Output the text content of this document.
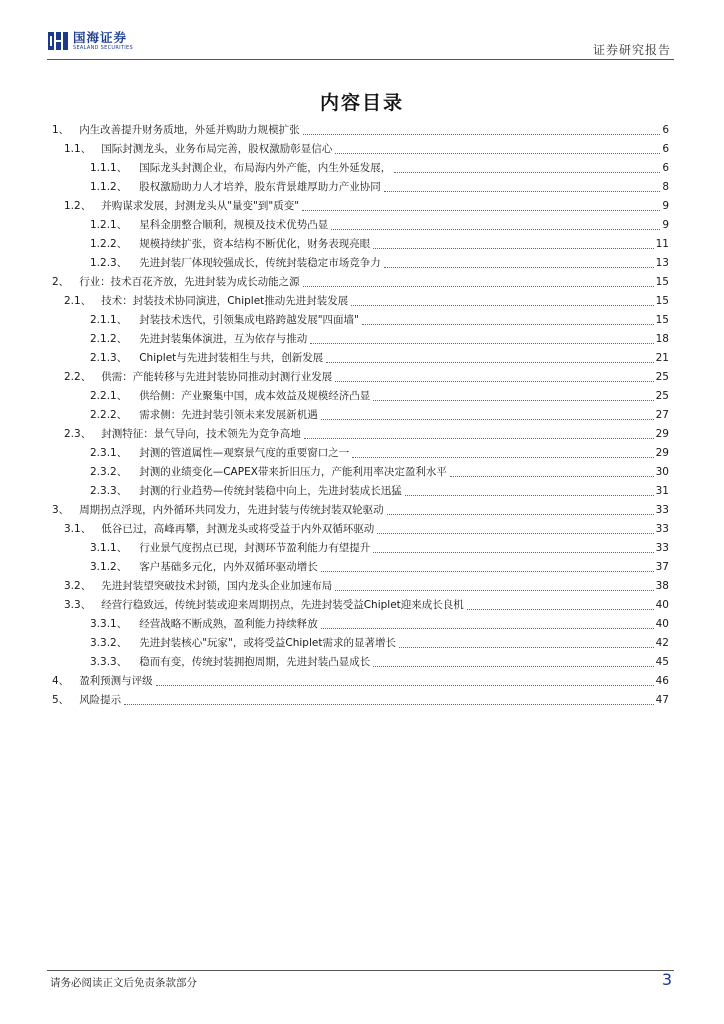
国海证券
SEALAND SECURITIES	证券研究报告
内容目录
1、 内生改善提升财务质地，外延并购助力规模扩张	6
1.1、 国际封测龙头，业务布局完善，股权激励彰显信心	6
1.1.1、 国际龙头封测企业，布局海内外产能，内生外延发展，	6
1.1.2、 股权激励助力人才培养，股东背景雄厚助力产业协同	8
1.2、 并购谋求发展，封测龙头从"量变"到"质变"	9
1.2.1、 星科金朋整合顺利，规模及技术优势凸显	9
1.2.2、 规模持续扩张，资本结构不断优化，财务表现亮眼	11
1.2.3、 先进封装厂体现较强成长，传统封装稳定市场竞争力	13
2、 行业：技术百花齐放，先进封装为成长动能之源	15
2.1、 技术：封装技术协同演进，Chiplet推动先进封装发展	15
2.1.1、 封装技术迭代，引领集成电路跨越发展"四面墙"	15
2.1.2、 先进封装集体演进，互为依存与推动	18
2.1.3、 Chiplet与先进封装相生与共，创新发展	21
2.2、 供需：产能转移与先进封装协同推动封测行业发展	25
2.2.1、 供给侧：产业聚集中国，成本效益及规模经济凸显	25
2.2.2、 需求侧：先进封装引领未来发展新机遇	27
2.3、 封测特征：景气导向，技术领先为竞争高地	29
2.3.1、 封测的管道属性—观察景气度的重要窗口之一	29
2.3.2、 封测的业绩变化—CAPEX带来折旧压力，产能利用率决定盈利水平	30
2.3.3、 封测的行业趋势—传统封装稳中向上，先进封装成长迅猛	31
3、 周期拐点浮现，内外循环共同发力，先进封装与传统封装双轮驱动	33
3.1、 低谷已过，高峰再攀，封测龙头或将受益于内外双循环驱动	33
3.1.1、 行业景气度拐点已现，封测环节盈利能力有望提升	33
3.1.2、 客户基础多元化，内外双循环驱动增长	37
3.2、 先进封装望突破技术封锁，国内龙头企业加速布局	38
3.3、 经营行稳致远，传统封装或迎来周期拐点，先进封装受益Chiplet迎来成长良机	40
3.3.1、 经营战略不断成熟，盈利能力持续释放	40
3.3.2、 先进封装核心"玩家"，或将受益Chiplet需求的显著增长	42
3.3.3、 稳而有变，传统封装拥抱周期，先进封装凸显成长	45
4、 盈利预测与评级	46
5、 风险提示	47
请务必阅读正文后免责条款部分	3
